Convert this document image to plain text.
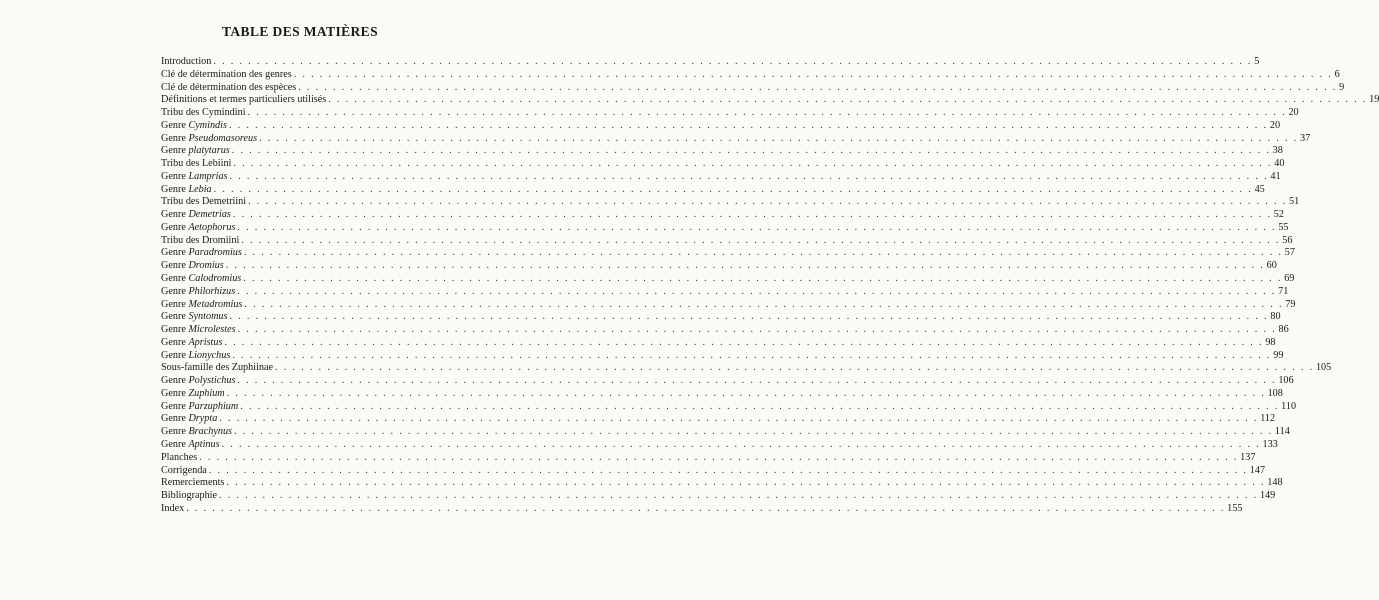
TABLE DES MATIÈRES
Introduction . . . . . . . . . . . . . . . . . . . . . . . . . . . . . . . . . . . . . . . . . . . . . . . . . . . . . . . . . . . . . . . . . . . . . . . . . . . . . . . . . . . . . . . . . . . . . . . . . . . . . . . . . . . . . . . . . . . . . . . . 5
Clé de détermination des genres . . . . . . . . . . . . . . . . . . . . . . . . . . . . . . . . . . . . . . . . . . . . . . . . . . . . . . . . . . . . . . . . . . . . . . . . . . . . . . . . . . . . . . . . . . . . . . . . . . . . . . . . . . . . . . . . . . . . . . . . 6
Clé de détermination des espèces . . . . . . . . . . . . . . . . . . . . . . . . . . . . . . . . . . . . . . . . . . . . . . . . . . . . . . . . . . . . . . . . . . . . . . . . . . . . . . . . . . . . . . . . . . . . . . . . . . . . . . . . . . . . . . . . . . . . . . . . 9
Définitions et termes particuliers utilisés . . . . . . . . . . . . . . . . . . . . . . . . . . . . . . . . . . . . . . . . . . . . . . . . . . . . . . . . . . . . . . . . . . . . . . . . . . . . . . . . . . . . . . . . . . . . . . . . . . . . . . . . . . . . . . . . . . . . . . . . 19
Tribu des Cymindini . . . . . . . . . . . . . . . . . . . . . . . . . . . . . . . . . . . . . . . . . . . . . . . . . . . . . . . . . . . . . . . . . . . . . . . . . . . . . . . . . . . . . . . . . . . . . . . . . . . . . . . . . . . . . . . . . . . . . . . . 20
Genre Cymindis . . . . . . . . . . . . . . . . . . . . . . . . . . . . . . . . . . . . . . . . . . . . . . . . . . . . . . . . . . . . . . . . . . . . . . . . . . . . . . . . . . . . . . . . . . . . . . . . . . . . . . . . . . . . . . . . . . . . . . . . 20
Genre Pseudomasoreus . . . . . . . . . . . . . . . . . . . . . . . . . . . . . . . . . . . . . . . . . . . . . . . . . . . . . . . . . . . . . . . . . . . . . . . . . . . . . . . . . . . . . . . . . . . . . . . . . . . . . . . . . . . . . . . . . . . . . . . . 37
Genre platytarus . . . . . . . . . . . . . . . . . . . . . . . . . . . . . . . . . . . . . . . . . . . . . . . . . . . . . . . . . . . . . . . . . . . . . . . . . . . . . . . . . . . . . . . . . . . . . . . . . . . . . . . . . . . . . . . . . . . . . . . . 38
Tribu des Lebiini . . . . . . . . . . . . . . . . . . . . . . . . . . . . . . . . . . . . . . . . . . . . . . . . . . . . . . . . . . . . . . . . . . . . . . . . . . . . . . . . . . . . . . . . . . . . . . . . . . . . . . . . . . . . . . . . . . . . . . . . 40
Genre Lamprias . . . . . . . . . . . . . . . . . . . . . . . . . . . . . . . . . . . . . . . . . . . . . . . . . . . . . . . . . . . . . . . . . . . . . . . . . . . . . . . . . . . . . . . . . . . . . . . . . . . . . . . . . . . . . . . . . . . . . . . . 41
Genre Lebia . . . . . . . . . . . . . . . . . . . . . . . . . . . . . . . . . . . . . . . . . . . . . . . . . . . . . . . . . . . . . . . . . . . . . . . . . . . . . . . . . . . . . . . . . . . . . . . . . . . . . . . . . . . . . . . . . . . . . . . . 45
Tribu des Demetriini . . . . . . . . . . . . . . . . . . . . . . . . . . . . . . . . . . . . . . . . . . . . . . . . . . . . . . . . . . . . . . . . . . . . . . . . . . . . . . . . . . . . . . . . . . . . . . . . . . . . . . . . . . . . . . . . . . . . . . . . 51
Genre Demetrias . . . . . . . . . . . . . . . . . . . . . . . . . . . . . . . . . . . . . . . . . . . . . . . . . . . . . . . . . . . . . . . . . . . . . . . . . . . . . . . . . . . . . . . . . . . . . . . . . . . . . . . . . . . . . . . . . . . . . . . . 52
Genre Aetophorus . . . . . . . . . . . . . . . . . . . . . . . . . . . . . . . . . . . . . . . . . . . . . . . . . . . . . . . . . . . . . . . . . . . . . . . . . . . . . . . . . . . . . . . . . . . . . . . . . . . . . . . . . . . . . . . . . . . . . . . . 55
Tribu des Dromiini . . . . . . . . . . . . . . . . . . . . . . . . . . . . . . . . . . . . . . . . . . . . . . . . . . . . . . . . . . . . . . . . . . . . . . . . . . . . . . . . . . . . . . . . . . . . . . . . . . . . . . . . . . . . . . . . . . . . . . . . 56
Genre Paradromius . . . . . . . . . . . . . . . . . . . . . . . . . . . . . . . . . . . . . . . . . . . . . . . . . . . . . . . . . . . . . . . . . . . . . . . . . . . . . . . . . . . . . . . . . . . . . . . . . . . . . . . . . . . . . . . . . . . . . . . . 57
Genre Dromius . . . . . . . . . . . . . . . . . . . . . . . . . . . . . . . . . . . . . . . . . . . . . . . . . . . . . . . . . . . . . . . . . . . . . . . . . . . . . . . . . . . . . . . . . . . . . . . . . . . . . . . . . . . . . . . . . . . . . . . . 60
Genre Calodromius . . . . . . . . . . . . . . . . . . . . . . . . . . . . . . . . . . . . . . . . . . . . . . . . . . . . . . . . . . . . . . . . . . . . . . . . . . . . . . . . . . . . . . . . . . . . . . . . . . . . . . . . . . . . . . . . . . . . . . . . 69
Genre Philorhizus . . . . . . . . . . . . . . . . . . . . . . . . . . . . . . . . . . . . . . . . . . . . . . . . . . . . . . . . . . . . . . . . . . . . . . . . . . . . . . . . . . . . . . . . . . . . . . . . . . . . . . . . . . . . . . . . . . . . . . . . 71
Genre Metadromius . . . . . . . . . . . . . . . . . . . . . . . . . . . . . . . . . . . . . . . . . . . . . . . . . . . . . . . . . . . . . . . . . . . . . . . . . . . . . . . . . . . . . . . . . . . . . . . . . . . . . . . . . . . . . . . . . . . . . . . . 79
Genre Syntomus . . . . . . . . . . . . . . . . . . . . . . . . . . . . . . . . . . . . . . . . . . . . . . . . . . . . . . . . . . . . . . . . . . . . . . . . . . . . . . . . . . . . . . . . . . . . . . . . . . . . . . . . . . . . . . . . . . . . . . . . 80
Genre Microlestes . . . . . . . . . . . . . . . . . . . . . . . . . . . . . . . . . . . . . . . . . . . . . . . . . . . . . . . . . . . . . . . . . . . . . . . . . . . . . . . . . . . . . . . . . . . . . . . . . . . . . . . . . . . . . . . . . . . . . . . . 86
Genre Apristus . . . . . . . . . . . . . . . . . . . . . . . . . . . . . . . . . . . . . . . . . . . . . . . . . . . . . . . . . . . . . . . . . . . . . . . . . . . . . . . . . . . . . . . . . . . . . . . . . . . . . . . . . . . . . . . . . . . . . . . . 98
Genre Lionychus . . . . . . . . . . . . . . . . . . . . . . . . . . . . . . . . . . . . . . . . . . . . . . . . . . . . . . . . . . . . . . . . . . . . . . . . . . . . . . . . . . . . . . . . . . . . . . . . . . . . . . . . . . . . . . . . . . . . . . . . 99
Sous-famille des Zuphiinae . . . . . . . . . . . . . . . . . . . . . . . . . . . . . . . . . . . . . . . . . . . . . . . . . . . . . . . . . . . . . . . . . . . . . . . . . . . . . . . . . . . . . . . . . . . . . . . . . . . . . . . . . . . . . . . . . . . . . . . . 105
Genre Polystichus . . . . . . . . . . . . . . . . . . . . . . . . . . . . . . . . . . . . . . . . . . . . . . . . . . . . . . . . . . . . . . . . . . . . . . . . . . . . . . . . . . . . . . . . . . . . . . . . . . . . . . . . . . . . . . . . . . . . . . . . 106
Genre Zuphium . . . . . . . . . . . . . . . . . . . . . . . . . . . . . . . . . . . . . . . . . . . . . . . . . . . . . . . . . . . . . . . . . . . . . . . . . . . . . . . . . . . . . . . . . . . . . . . . . . . . . . . . . . . . . . . . . . . . . . . . 108
Genre Parzuphium . . . . . . . . . . . . . . . . . . . . . . . . . . . . . . . . . . . . . . . . . . . . . . . . . . . . . . . . . . . . . . . . . . . . . . . . . . . . . . . . . . . . . . . . . . . . . . . . . . . . . . . . . . . . . . . . . . . . . . . . 110
Genre Drypta . . . . . . . . . . . . . . . . . . . . . . . . . . . . . . . . . . . . . . . . . . . . . . . . . . . . . . . . . . . . . . . . . . . . . . . . . . . . . . . . . . . . . . . . . . . . . . . . . . . . . . . . . . . . . . . . . . . . . . . . 112
Genre Brachynus . . . . . . . . . . . . . . . . . . . . . . . . . . . . . . . . . . . . . . . . . . . . . . . . . . . . . . . . . . . . . . . . . . . . . . . . . . . . . . . . . . . . . . . . . . . . . . . . . . . . . . . . . . . . . . . . . . . . . . . . 114
Genre Aptinus . . . . . . . . . . . . . . . . . . . . . . . . . . . . . . . . . . . . . . . . . . . . . . . . . . . . . . . . . . . . . . . . . . . . . . . . . . . . . . . . . . . . . . . . . . . . . . . . . . . . . . . . . . . . . . . . . . . . . . . . 133
Planches . . . . . . . . . . . . . . . . . . . . . . . . . . . . . . . . . . . . . . . . . . . . . . . . . . . . . . . . . . . . . . . . . . . . . . . . . . . . . . . . . . . . . . . . . . . . . . . . . . . . . . . . . . . . . . . . . . . . . . . . 137
Corrigenda . . . . . . . . . . . . . . . . . . . . . . . . . . . . . . . . . . . . . . . . . . . . . . . . . . . . . . . . . . . . . . . . . . . . . . . . . . . . . . . . . . . . . . . . . . . . . . . . . . . . . . . . . . . . . . . . . . . . . . . . 147
Remerciements . . . . . . . . . . . . . . . . . . . . . . . . . . . . . . . . . . . . . . . . . . . . . . . . . . . . . . . . . . . . . . . . . . . . . . . . . . . . . . . . . . . . . . . . . . . . . . . . . . . . . . . . . . . . . . . . . . . . . . . . 148
Bibliographie . . . . . . . . . . . . . . . . . . . . . . . . . . . . . . . . . . . . . . . . . . . . . . . . . . . . . . . . . . . . . . . . . . . . . . . . . . . . . . . . . . . . . . . . . . . . . . . . . . . . . . . . . . . . . . . . . . . . . . . . 149
Index . . . . . . . . . . . . . . . . . . . . . . . . . . . . . . . . . . . . . . . . . . . . . . . . . . . . . . . . . . . . . . . . . . . . . . . . . . . . . . . . . . . . . . . . . . . . . . . . . . . . . . . . . . . . . . . . . . . . . . . . 155
